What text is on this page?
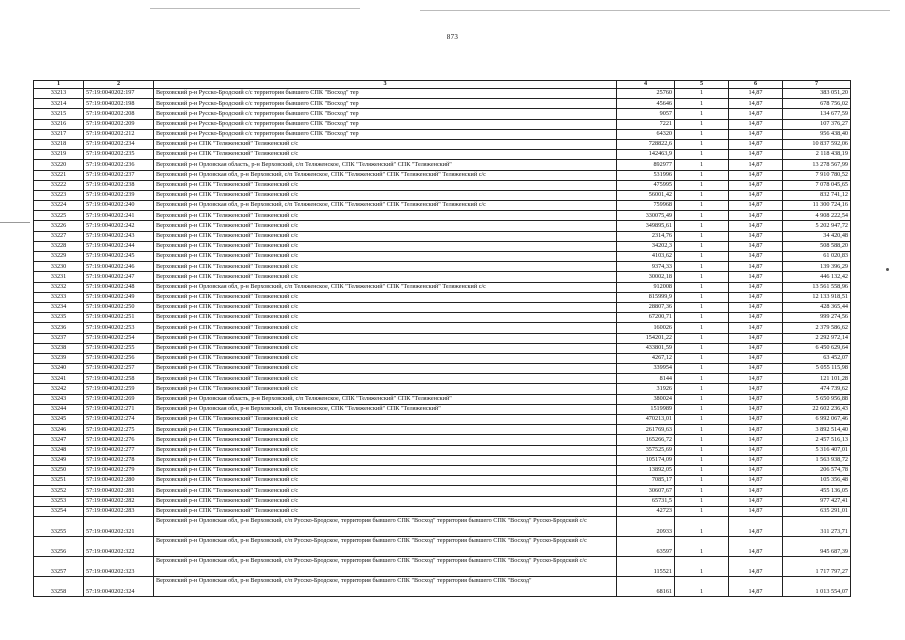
873
1	2	3	4	5	6	7
33213	57:19:0040202:197	Верховский р-н Русско-Бродский с/с территория бывшего СПК "Восход" тер	25760	1	14,87	383 051,20
33214	57:19:0040202:198	Верховский р-н Русско-Бродский с/с территория бывшего СПК "Восход" тер	45646	1	14,87	678 756,02
33215	57:19:0040202:208	Верховский р-н Русско-Бродский с/с территория бывшего СПК "Восход" тер	9057	1	14,87	134 677,59
33216	57:19:0040202:209	Верховский р-н Русско-Бродский с/с территория бывшего СПК "Восход" тер	7221	1	14,87	107 376,27
33217	57:19:0040202:212	Верховский р-н Русско-Бродский с/с территория бывшего СПК "Восход" тер	64320	1	14,87	956 438,40
33218	57:19:0040202:234	Верховский р-н СПК "Теляженский" Теляженский с/с	728822,6	1	14,87	10 837 592,06
33219	57:19:0040202:235	Верховский р-н СПК "Теляженский" Теляженский с/с	142463,9	1	14,87	2 118 438,19
33220	57:19:0040202:236	Верховский р-н Орловская область, р-н Верховский, с/п Теляженское, СПК "Теляженский" СПК "Теляженский"	892977	1	14,87	13 278 567,99
33221	57:19:0040202:237	Верховский р-н Орловская обл, р-н Верховский, с/п Теляженское, СПК "Теляженский" СПК "Теляженский" Теляженский с/с	531996	1	14,87	7 910 780,52
33222	57:19:0040202:238	Верховский р-н СПК "Теляженский" Теляженский с/с	475995	1	14,87	7 078 045,65
33223	57:19:0040202:239	Верховский р-н СПК "Теляженский" Теляженский с/с	56001,42	1	14,87	832 741,12
33224	57:19:0040202:240	Верховский р-н Орловская обл, р-н Верховский, с/п Теляженское, СПК "Теляженский" СПК "Теляженский" Теляженский с/с	759968	1	14,87	11 300 724,16
33225	57:19:0040202:241	Верховский р-н СПК "Теляженский" Теляженский с/с	330075,49	1	14,87	4 908 222,54
33226	57:19:0040202:242	Верховский р-н СПК "Теляженский" Теляженский с/с	349895,61	1	14,87	5 202 947,72
33227	57:19:0040202:243	Верховский р-н СПК "Теляженский" Теляженский с/с	2314,76	1	14,87	34 420,48
33228	57:19:0040202:244	Верховский р-н СПК "Теляженский" Теляженский с/с	34202,3	1	14,87	508 588,20
33229	57:19:0040202:245	Верховский р-н СПК "Теляженский" Теляженский с/с	4103,62	1	14,87	61 020,83
33230	57:19:0040202:246	Верховский р-н СПК "Теляженский" Теляженский с/с	9374,33	1	14,87	139 396,29
33231	57:19:0040202:247	Верховский р-н СПК "Теляженский" Теляженский с/с	30002,18	1	14,87	446 132,42
33232	57:19:0040202:248	Верховский р-н Орловская обл, р-н Верховский, с/п Теляженское, СПК "Теляженский" СПК "Теляженский" Теляженский с/с	912008	1	14,87	13 561 558,96
33233	57:19:0040202:249	Верховский р-н СПК "Теляженский" Теляженский с/с	815999,9	1	14,87	12 133 918,51
33234	57:19:0040202:250	Верховский р-н СПК "Теляженский" Теляженский с/с	28807,36	1	14,87	428 365,44
33235	57:19:0040202:251	Верховский р-н СПК "Теляженский" Теляженский с/с	67200,71	1	14,87	999 274,56
33236	57:19:0040202:253	Верховский р-н СПК "Теляженский" Теляженский с/с	160026	1	14,87	2 379 586,62
33237	57:19:0040202:254	Верховский р-н СПК "Теляженский" Теляженский с/с	154201,22	1	14,87	2 292 972,14
33238	57:19:0040202:255	Верховский р-н СПК "Теляженский" Теляженский с/с	433801,59	1	14,87	6 450 629,64
33239	57:19:0040202:256	Верховский р-н СПК "Теляженский" Теляженский с/с	4267,12	1	14,87	63 452,07
33240	57:19:0040202:257	Верховский р-н СПК "Теляженский" Теляженский с/с	339954	1	14,87	5 055 115,98
33241	57:19:0040202:258	Верховский р-н СПК "Теляженский" Теляженский с/с	8144	1	14,87	121 101,28
33242	57:19:0040202:259	Верховский р-н СПК "Теляженский" Теляженский с/с	31926	1	14,87	474 739,62
33243	57:19:0040202:269	Верховский р-н Орловская область, р-н Верховский, с/п Теляженское, СПК "Теляженский" СПК "Теляженский"	380024	1	14,87	5 650 956,88
33244	57:19:0040202:271	Верховский р-н Орловская обл, р-н Верховский, с/п Теляженское, СПК "Теляженский" СПК "Теляженский"	1519989	1	14,87	22 602 236,43
33245	57:19:0040202:274	Верховский р-н СПК "Теляженский" Теляженский с/с	470213,01	1	14,87	6 992 067,46
33246	57:19:0040202:275	Верховский р-н СПК "Теляженский" Теляженский с/с	261769,63	1	14,87	3 892 514,40
33247	57:19:0040202:276	Верховский р-н СПК "Теляженский" Теляженский с/с	165266,72	1	14,87	2 457 516,13
33248	57:19:0040202:277	Верховский р-н СПК "Теляженский" Теляженский с/с	357525,69	1	14,87	5 316 407,01
33249	57:19:0040202:278	Верховский р-н СПК "Теляженский" Теляженский с/с	105174,09	1	14,87	1 563 938,72
33250	57:19:0040202:279	Верховский р-н СПК "Теляженский" Теляженский с/с	13892,05	1	14,87	206 574,78
33251	57:19:0040202:280	Верховский р-н СПК "Теляженский" Теляженский с/с	7085,17	1	14,87	105 356,48
33252	57:19:0040202:281	Верховский р-н СПК "Теляженский" Теляженский с/с	30607,67	1	14,87	455 136,05
33253	57:19:0040202:282	Верховский р-н СПК "Теляженский" Теляженский с/с	65731,5	1	14,87	977 427,41
33254	57:19:0040202:283	Верховский р-н СПК "Теляженский" Теляженский с/с	42723	1	14,87	635 291,01
33255	57:19:0040202:321	Верховский р-н Орловская обл, р-н Верховский, с/п Русско-Бродское, территория бывшего СПК "Восход" территория бывшего СПК "Восход" Русско-Бродский с/с	20933	1	14,87	311 273,71
33256	57:19:0040202:322	Верховский р-н Орловская обл, р-н Верховский, с/п Русско-Бродское, территория бывшего СПК "Восход" территория бывшего СПК "Восход" Русско-Бродский с/с	63597	1	14,87	945 687,39
33257	57:19:0040202:323	Верховский р-н Орловская обл, р-н Верховский, с/п Русско-Бродское, территория бывшего СПК "Восход" территория бывшего СПК "Восход" Русско-Бродский с/с	115521	1	14,87	1 717 797,27
33258	57:19:0040202:324	Верховский р-н Орловская обл, р-н Верховский, с/п Русско-Бродское, территория бывшего СПК "Восход" территория бывшего СПК "Восход"	68161	1	14,87	1 013 554,07
